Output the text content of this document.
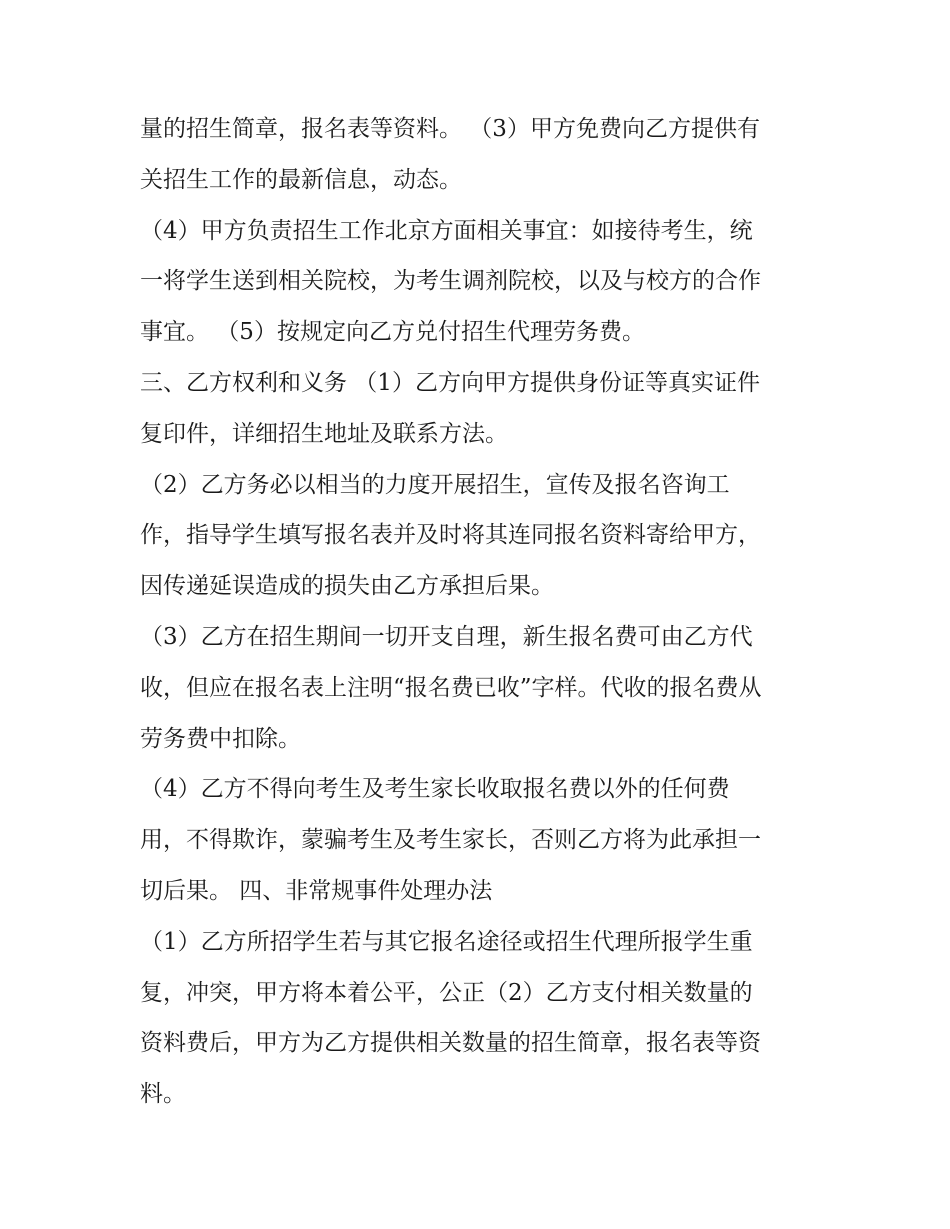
量的招生简章，报名表等资料。 （3）甲方免费向乙方提供有
关招生工作的最新信息，动态。
（4）甲方负责招生工作北京方面相关事宜：如接待考生，统
一将学生送到相关院校，为考生调剂院校，以及与校方的合作
事宜。 （5）按规定向乙方兑付招生代理劳务费。
三、乙方权利和义务 （1）乙方向甲方提供身份证等真实证件
复印件，详细招生地址及联系方法。
（2）乙方务必以相当的力度开展招生，宣传及报名咨询工
作，指导学生填写报名表并及时将其连同报名资料寄给甲方，
因传递延误造成的损失由乙方承担后果。
（3）乙方在招生期间一切开支自理，新生报名费可由乙方代
收，但应在报名表上注明“报名费已收”字样。代收的报名费从
劳务费中扣除。
（4）乙方不得向考生及考生家长收取报名费以外的任何费
用，不得欺诈，蒙骗考生及考生家长，否则乙方将为此承担一
切后果。 四、非常规事件处理办法
（1）乙方所招学生若与其它报名途径或招生代理所报学生重
复，冲突，甲方将本着公平，公正（2）乙方支付相关数量的
资料费后，甲方为乙方提供相关数量的招生简章，报名表等资
料。
